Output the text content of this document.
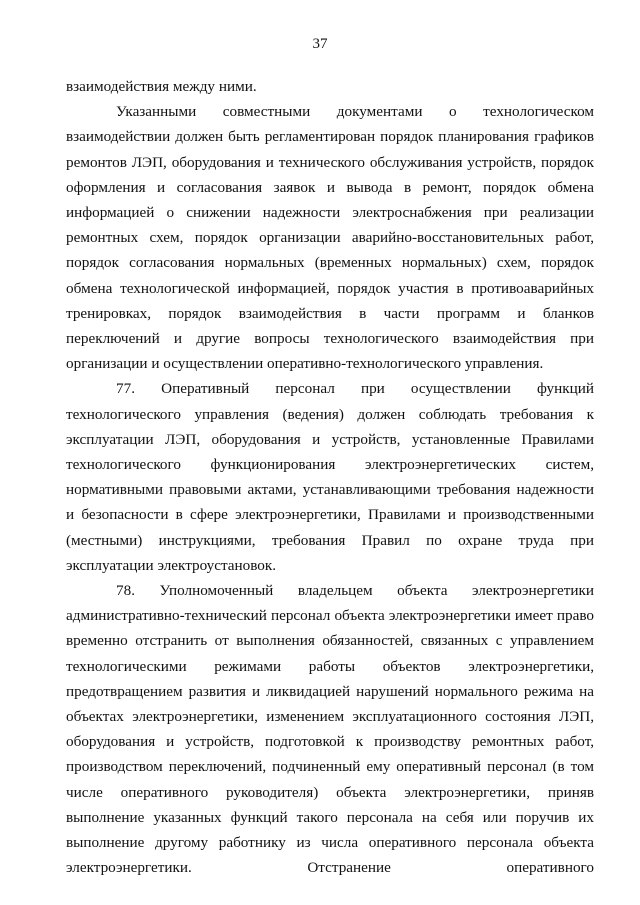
37

взаимодействия между ними.

Указанными совместными документами о технологическом взаимодействии должен быть регламентирован порядок планирования графиков ремонтов ЛЭП, оборудования и технического обслуживания устройств, порядок оформления и согласования заявок и вывода в ремонт, порядок обмена информацией о снижении надежности электроснабжения при реализации ремонтных схем, порядок организации аварийно-восстановительных работ, порядок согласования нормальных (временных нормальных) схем, порядок обмена технологической информацией, порядок участия в противоаварийных тренировках, порядок взаимодействия в части программ и бланков переключений и другие вопросы технологического взаимодействия при организации и осуществлении оперативно-технологического управления.

77. Оперативный персонал при осуществлении функций технологического управления (ведения) должен соблюдать требования к эксплуатации ЛЭП, оборудования и устройств, установленные Правилами технологического функционирования электроэнергетических систем, нормативными правовыми актами, устанавливающими требования надежности и безопасности в сфере электроэнергетики, Правилами и производственными (местными) инструкциями, требования Правил по охране труда при эксплуатации электроустановок.

78. Уполномоченный владельцем объекта электроэнергетики административно-технический персонал объекта электроэнергетики имеет право временно отстранить от выполнения обязанностей, связанных с управлением технологическими режимами работы объектов электроэнергетики, предотвращением развития и ликвидацией нарушений нормального режима на объектах электроэнергетики, изменением эксплуатационного состояния ЛЭП, оборудования и устройств, подготовкой к производству ремонтных работ, производством переключений, подчиненный ему оперативный персонал (в том числе оперативного руководителя) объекта электроэнергетики, приняв выполнение указанных функций такого персонала на себя или поручив их выполнение другому работнику из числа оперативного персонала объекта электроэнергетики. Отстранение оперативного
